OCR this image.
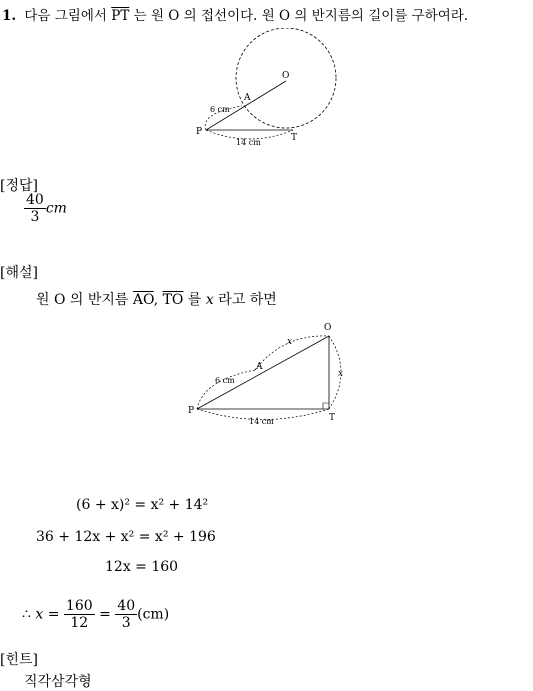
1. 다음 그림에서 $\overline{PT}$ 는 원 O 의 접선이다. 원 O 의 반지름의 길이를 구하여라.
O
A
P
T
6 cm
14 cm
[정답]
$\frac{40}{3}$ cm
[해설]
원 O 의 반지름 $\overline{AO}$, $\overline{TO}$ 를 x 라고 하면
O
A
P
T
6 cm
14 cm
x
x
(6 + x)² = x² + 14²
36 + 12x + x² = x² + 196
12x = 160
∴ $x = \frac{160}{12} = \frac{40}{3} (cm)$
[힌트]
직각삼각형
